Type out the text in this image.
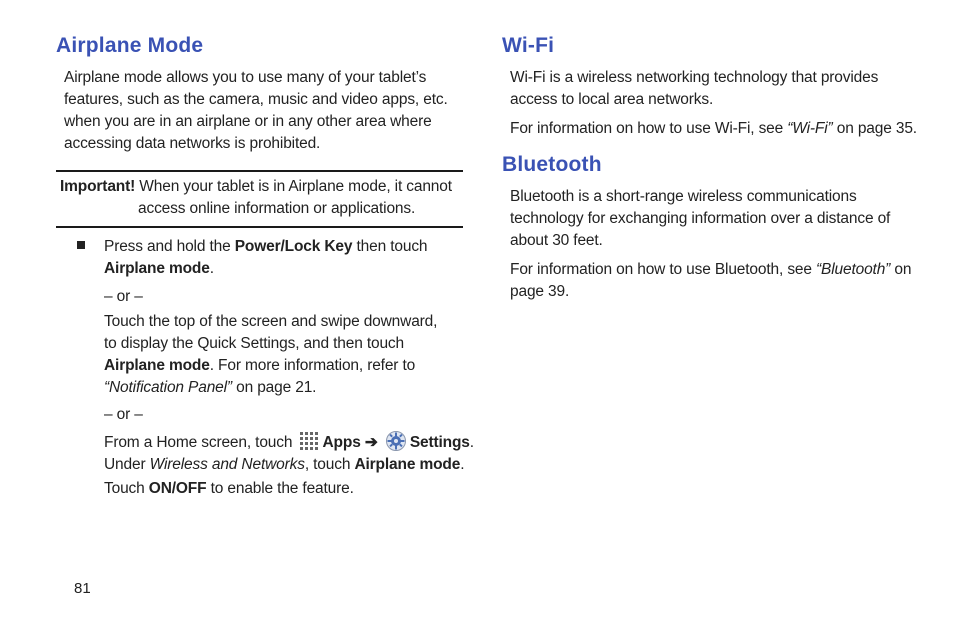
Airplane Mode
Airplane mode allows you to use many of your tablet’s
features, such as the camera, music and video apps, etc.
when you are in an airplane or in any other area where
accessing data networks is prohibited.
Important! When your tablet is in Airplane mode, it cannot
access online information or applications.
Press and hold the Power/Lock Key then touch
Airplane mode.
– or –
Touch the top of the screen and swipe downward,
to display the Quick Settings, and then touch
Airplane mode. For more information, refer to
“Notification Panel” on page 21.
– or –
From a Home screen, touch
Apps ➔ Settings.
Under Wireless and Networks, touch Airplane mode.
Touch ON/OFF to enable the feature.
Wi-Fi
Wi-Fi is a wireless networking technology that provides
access to local area networks.
For information on how to use Wi-Fi, see “Wi-Fi” on page 35.
Bluetooth
Bluetooth is a short-range wireless communications
technology for exchanging information over a distance of
about 30 feet.
For information on how to use Bluetooth, see “Bluetooth” on
page 39.
81
